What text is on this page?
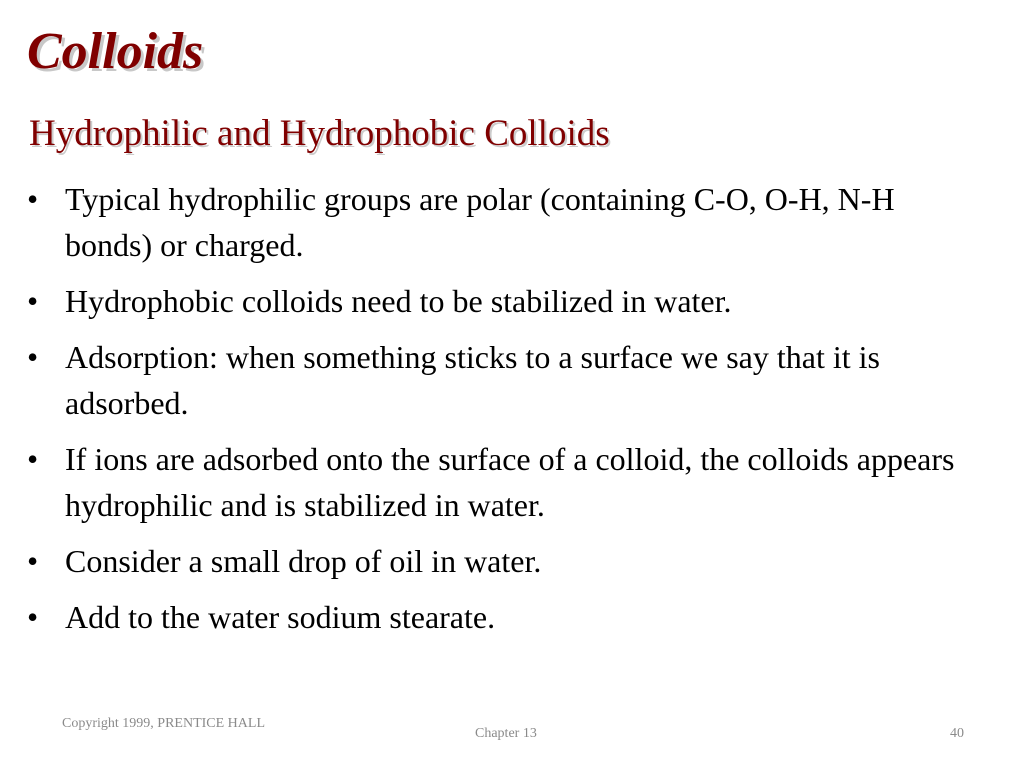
Colloids
Hydrophilic and Hydrophobic Colloids
• Typical hydrophilic groups are polar (containing C-O, O-H, N-H bonds) or charged.
• Hydrophobic colloids need to be stabilized in water.
• Adsorption: when something sticks to a surface we say that it is adsorbed.
• If ions are adsorbed onto the surface of a colloid, the colloids appears hydrophilic and is stabilized in water.
• Consider a small drop of oil in water.
• Add to the water sodium stearate.
Copyright 1999, PRENTICE HALL
Chapter 13	40
